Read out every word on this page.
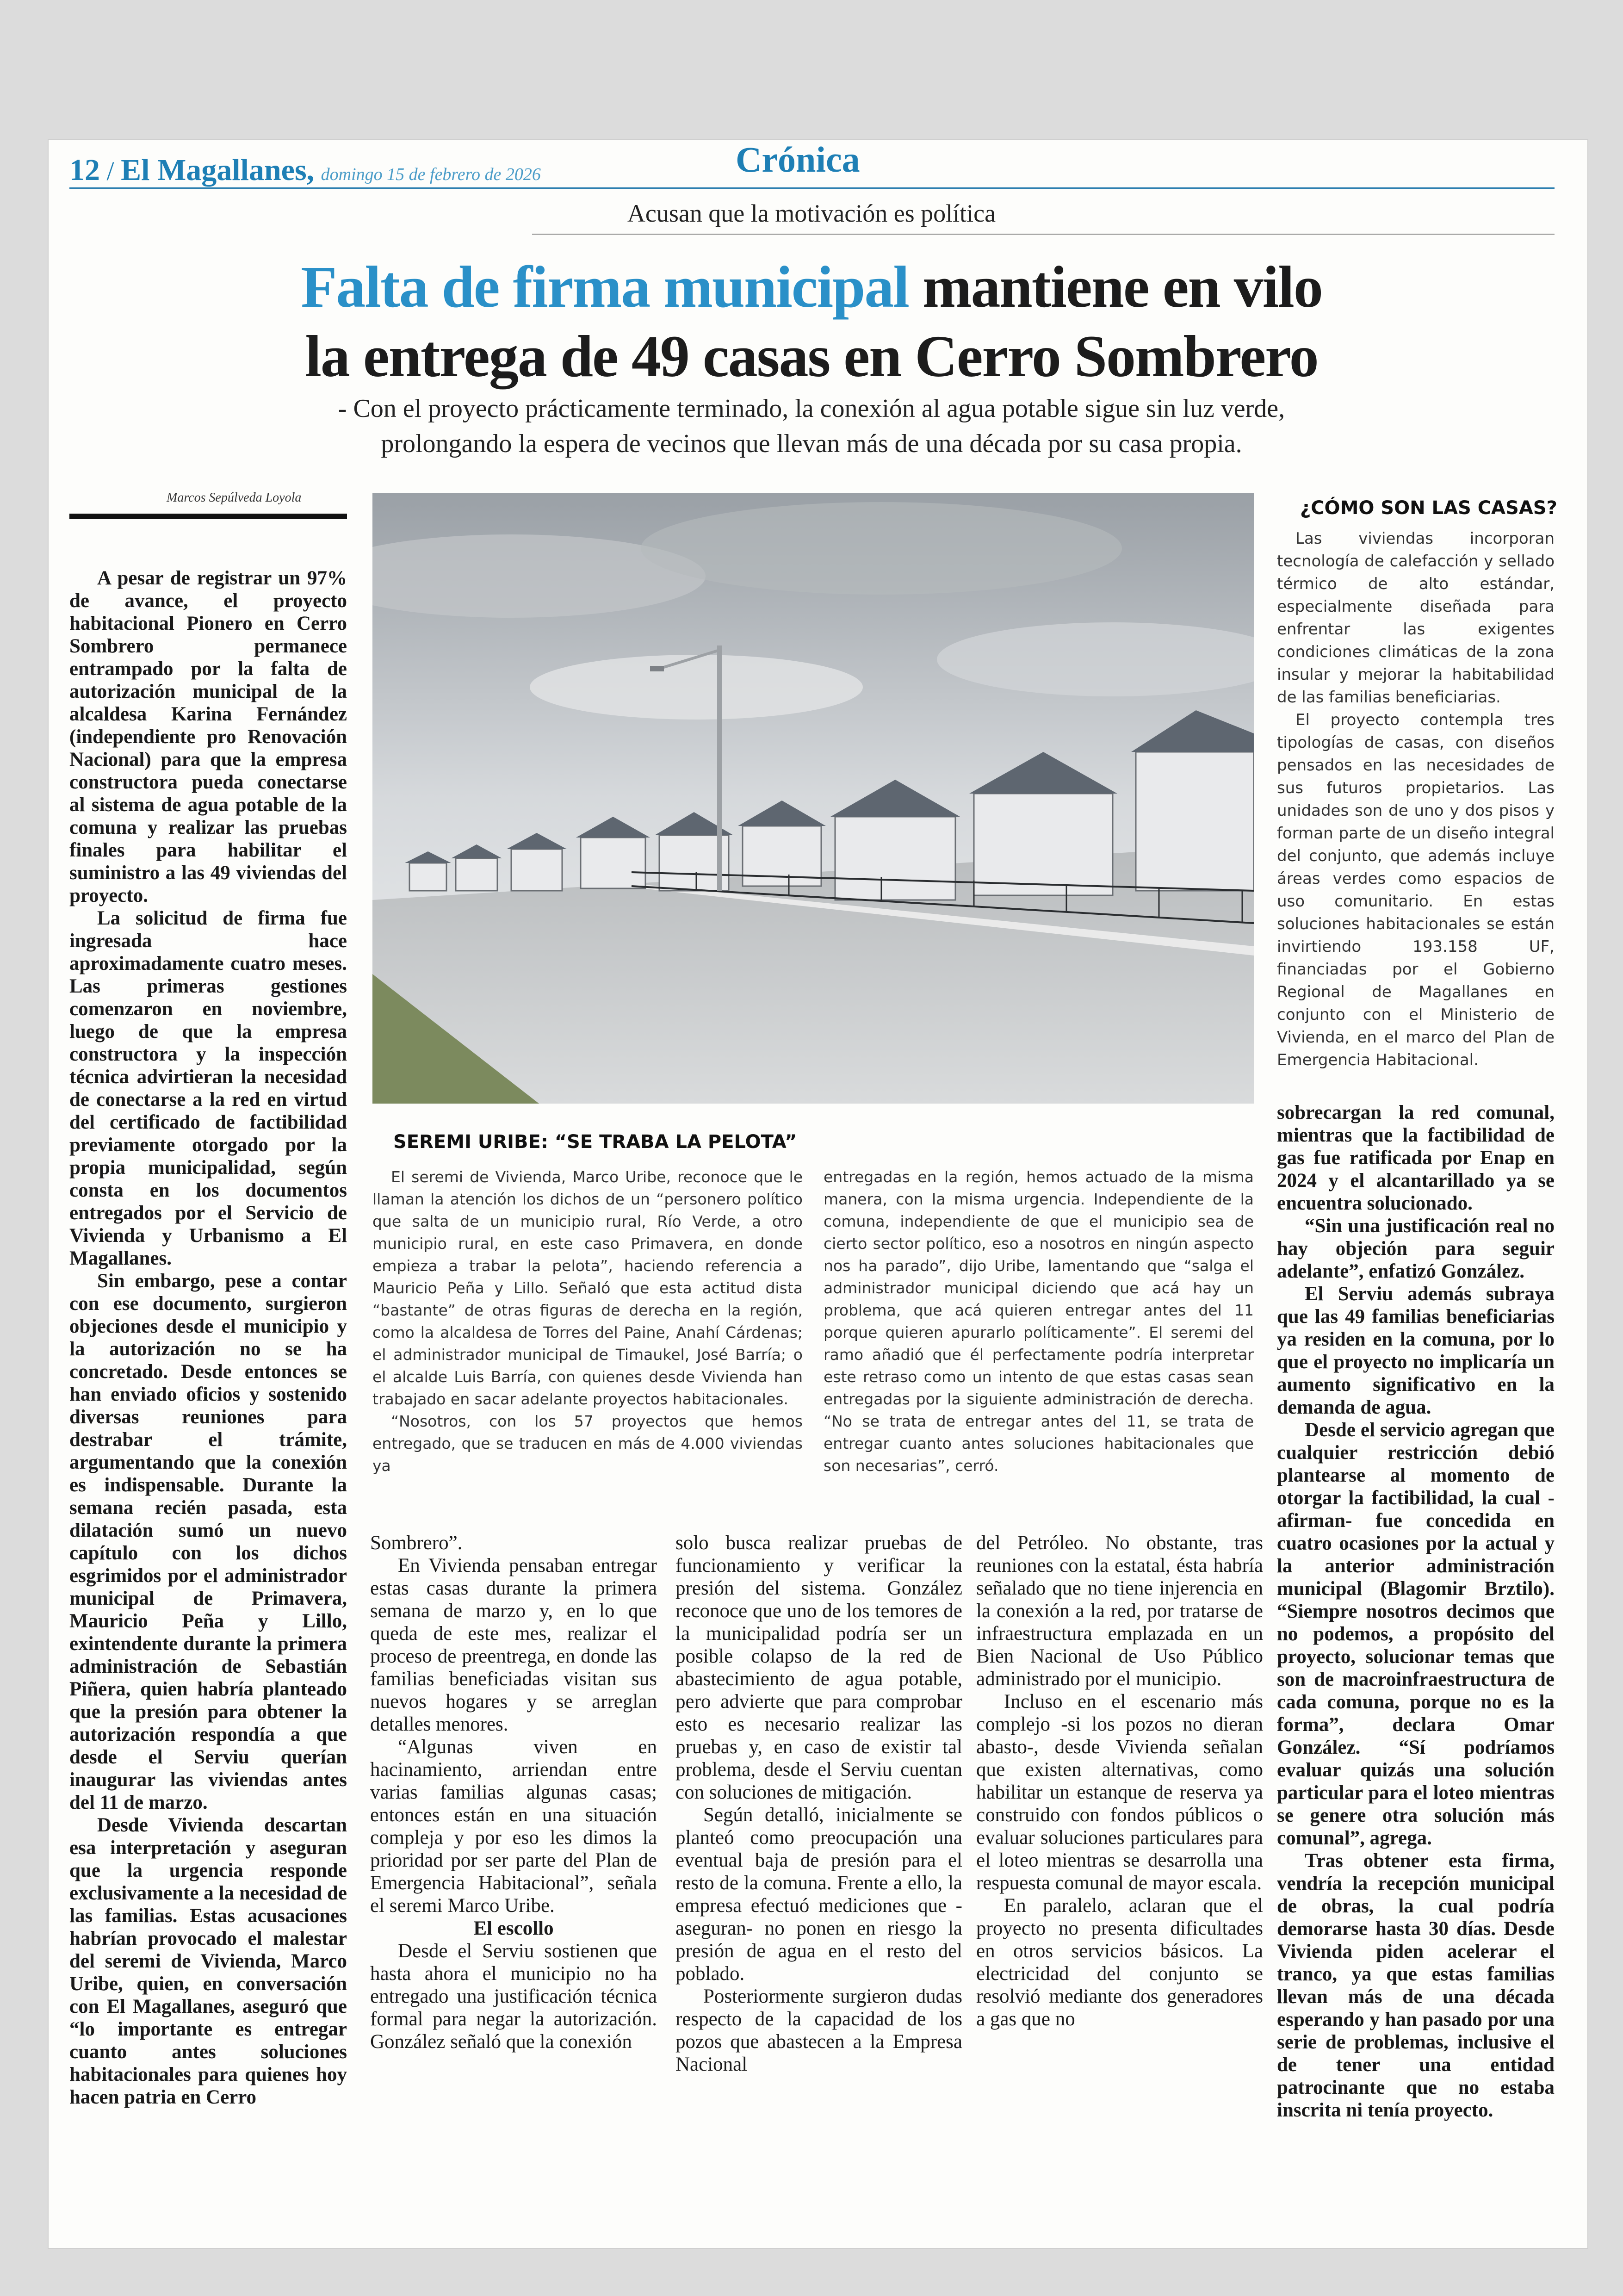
12 / El Magallanes, domingo 15 de febrero de 2026	Crónica
Acusan que la motivación es política
Falta de firma municipal mantiene en vilo
la entrega de 49 casas en Cerro Sombrero
- Con el proyecto prácticamente terminado, la conexión al agua potable sigue sin luz verde,
prolongando la espera de vecinos que llevan más de una década por su casa propia.
Marcos Sepúlveda Loyola

A pesar de registrar un 97% de avance, el proyecto habitacional Pionero en Cerro Sombrero permanece entrampado por la falta de autorización municipal de la alcaldesa Karina Fernández (independiente pro Renovación Nacional) para que la empresa constructora pueda conectarse al sistema de agua potable de la comuna y realizar las pruebas finales para habilitar el suministro a las 49 viviendas del proyecto.

La solicitud de firma fue ingresada hace aproximadamente cuatro meses. Las primeras gestiones comenzaron en noviembre, luego de que la empresa constructora y la inspección técnica advirtieran la necesidad de conectarse a la red en virtud del certificado de factibilidad previamente otorgado por la propia municipalidad, según consta en los documentos entregados por el Servicio de Vivienda y Urbanismo a El Magallanes.

Sin embargo, pese a contar con ese documento, surgieron objeciones desde el municipio y la autorización no se ha concretado. Desde entonces se han enviado oficios y sostenido diversas reuniones para destrabar el trámite, argumentando que la conexión es indispensable. Durante la semana recién pasada, esta dilatación sumó un nuevo capítulo con los dichos esgrimidos por el administrador municipal de Primavera, Mauricio Peña y Lillo, exintendente durante la primera administración de Sebastián Piñera, quien habría planteado que la presión para obtener la autorización respondía a que desde el Serviu querían inaugurar las viviendas antes del 11 de marzo.

Desde Vivienda descartan esa interpretación y aseguran que la urgencia responde exclusivamente a la necesidad de las familias. Estas acusaciones habrían provocado el malestar del seremi de Vivienda, Marco Uribe, quien, en conversación con El Magallanes, aseguró que “lo importante es entregar cuanto antes soluciones habitacionales para quienes hoy hacen patria en Cerro

SEREMI URIBE: “SE TRABA LA PELOTA”

El seremi de Vivienda, Marco Uribe, reconoce que le llaman la atención los dichos de un “personero político que salta de un municipio rural, Río Verde, a otro municipio rural, en este caso Primavera, en donde empieza a trabar la pelota”, haciendo referencia a Mauricio Peña y Lillo. Señaló que esta actitud dista “bastante” de otras figuras de derecha en la región, como la alcaldesa de Torres del Paine, Anahí Cárdenas; el administrador municipal de Timaukel, José Barría; o el alcalde Luis Barría, con quienes desde Vivienda han trabajado en sacar adelante proyectos habitacionales.

“Nosotros, con los 57 proyectos que hemos entregado, que se traducen en más de 4.000 viviendas ya

entregadas en la región, hemos actuado de la misma manera, con la misma urgencia. Independiente de la comuna, independiente de que el municipio sea de cierto sector político, eso a nosotros en ningún aspecto nos ha parado”, dijo Uribe, lamentando que “salga el administrador municipal diciendo que acá hay un problema, que acá quieren entregar antes del 11 porque quieren apurarlo políticamente”. El seremi del ramo añadió que él perfectamente podría interpretar este retraso como un intento de que estas casas sean entregadas por la siguiente administración de derecha. “No se trata de entregar antes del 11, se trata de entregar cuanto antes soluciones habitacionales que son necesarias”, cerró.

¿CÓMO SON LAS CASAS?

Las viviendas incorporan tecnología de calefacción y sellado térmico de alto estándar, especialmente diseñada para enfrentar las exigentes condiciones climáticas de la zona insular y mejorar la habitabilidad de las familias beneficiarias.

El proyecto contempla tres tipologías de casas, con diseños pensados en las necesidades de sus futuros propietarios. Las unidades son de uno y dos pisos y forman parte de un diseño integral del conjunto, que además incluye áreas verdes como espacios de uso comunitario. En estas soluciones habitacionales se están invirtiendo 193.158 UF, financiadas por el Gobierno Regional de Magallanes en conjunto con el Ministerio de Vivienda, en el marco del Plan de Emergencia Habitacional.

Sombrero”.

En Vivienda pensaban entregar estas casas durante la primera semana de marzo y, en lo que queda de este mes, realizar el proceso de preentrega, en donde las familias beneficiadas visitan sus nuevos hogares y se arreglan detalles menores.

“Algunas viven en hacinamiento, arriendan entre varias familias algunas casas; entonces están en una situación compleja y por eso les dimos la prioridad por ser parte del Plan de Emergencia Habitacional”, señala el seremi Marco Uribe.

El escollo

Desde el Serviu sostienen que hasta ahora el municipio no ha entregado una justificación técnica formal para negar la autorización. González señaló que la conexión

solo busca realizar pruebas de funcionamiento y verificar la presión del sistema. González reconoce que uno de los temores de la municipalidad podría ser un posible colapso de la red de abastecimiento de agua potable, pero advierte que para comprobar esto es necesario realizar las pruebas y, en caso de existir tal problema, desde el Serviu cuentan con soluciones de mitigación.

Según detalló, inicialmente se planteó como preocupación una eventual baja de presión para el resto de la comuna. Frente a ello, la empresa efectuó mediciones que -aseguran- no ponen en riesgo la presión de agua en el resto del poblado.

Posteriormente surgieron dudas respecto de la capacidad de los pozos que abastecen a la Empresa Nacional

del Petróleo. No obstante, tras reuniones con la estatal, ésta habría señalado que no tiene injerencia en la conexión a la red, por tratarse de infraestructura emplazada en un Bien Nacional de Uso Público administrado por el municipio.

Incluso en el escenario más complejo -si los pozos no dieran abasto-, desde Vivienda señalan que existen alternativas, como habilitar un estanque de reserva ya construido con fondos públicos o evaluar soluciones particulares para el loteo mientras se desarrolla una respuesta comunal de mayor escala.

En paralelo, aclaran que el proyecto no presenta dificultades en otros servicios básicos. La electricidad del conjunto se resolvió mediante dos generadores a gas que no

sobrecargan la red comunal, mientras que la factibilidad de gas fue ratificada por Enap en 2024 y el alcantarillado ya se encuentra solucionado.

“Sin una justificación real no hay objeción para seguir adelante”, enfatizó González.

El Serviu además subraya que las 49 familias beneficiarias ya residen en la comuna, por lo que el proyecto no implicaría un aumento significativo en la demanda de agua.

Desde el servicio agregan que cualquier restricción debió plantearse al momento de otorgar la factibilidad, la cual -afirman- fue concedida en cuatro ocasiones por la actual y la anterior administración municipal (Blagomir Brztilo). “Siempre nosotros decimos que no podemos, a propósito del proyecto, solucionar temas que son de macroinfraestructura de cada comuna, porque no es la forma”, declara Omar González. “Sí podríamos evaluar quizás una solución particular para el loteo mientras se genere otra solución más comunal”, agrega.

Tras obtener esta firma, vendría la recepción municipal de obras, la cual podría demorarse hasta 30 días. Desde Vivienda piden acelerar el tranco, ya que estas familias llevan más de una década esperando y han pasado por una serie de problemas, inclusive el de tener una entidad patrocinante que no estaba inscrita ni tenía proyecto.
